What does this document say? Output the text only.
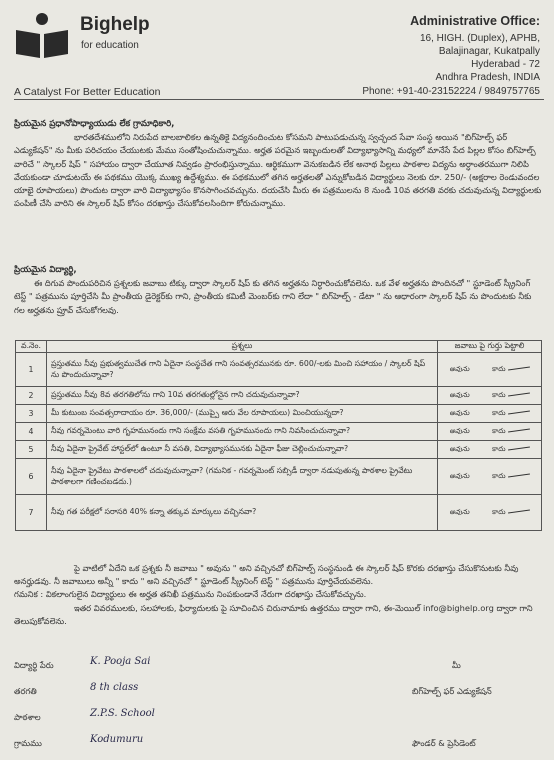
Bighelp
for education
A Catalyst For Better Education
Administrative Office:
16, HIGH. (Duplex), APHB,
Balajinagar, Kukatpally
Hyderabad - 72
Andhra Pradesh, INDIA
Phone: +91-40-23152224 / 9849757765

ప్రియమైన ప్రధానోపాధ్యాయుడు లేక గ్రామాధికారి,

భారతదేశములోని నిరుపేద బాలబాలికల ఉన్నతికై విద్యనందించుట కోసమని పాటుపడుచున్న స్వచ్ఛంద సేవా సంస్థ అయిన "బిగ్‌హెల్ప్ ఫర్ ఎడ్యుకేషన్" ను మీకు పరిచయం చేయుటకు మేము సంతోషించుచున్నాము. అర్హత పరమైన ఇబ్బందులతో విద్యాభ్యాసాన్ని మధ్యలో మానేసే పేద పిల్లల కోసం బిగ్‌హెల్ప్ వారిచే " స్కాలర్ షిప్ " సహాయం ద్వారా చేయూత నివ్వడం ప్రారంభిస్తున్నాము. ఆర్థికముగా వెనుకబడిన లేక అనాథ పిల్లలు పాఠశాల విద్యను అర్ధాంతరముగా నిలిపి వేయకుండా చూడుటయే ఈ పథకము యొక్క ముఖ్య ఉద్దేశ్యము. ఈ పథకములో తగిన అర్హతలతో ఎన్నుకోబడిన విద్యార్థులు నెలకు రూ. 250/- (అక్షరాల రెండువందల యాభై రూపాయలు) పొందుట ద్వారా వారి విద్యాభ్యాసం కొనసాగించవచ్చును. దయచేసి మీరు ఈ పత్రములను 8 నుండి 10వ తరగతి వరకు చదువుచున్న విద్యార్థులకు పంపిణీ చేసి వారిని ఈ స్కాలర్ షిప్ కోసం దరఖాస్తు చేసుకోవలసిందిగా కోరుచున్నాము.

ప్రియమైన విద్యార్థి,

ఈ దిగువ పొందుపరిచిన ప్రశ్నలకు జవాబు టిక్కు ద్వారా స్కాలర్ షిప్ కు తగిన అర్హతను నిర్ధారించుకోవలెను. ఒక వేళ అర్హతను పొందినచో " స్టూడెంట్ స్క్రీనింగ్ టెస్ట్ " పత్రమును పూర్తిచేసి మీ ప్రాంతీయ డైరెక్టర్‌కు గాని, ప్రాంతీయ కమిటీ మెంబర్‌కు గాని లేదా " బిగ్‌హెల్ప్ - డేటా " ను ఆధారంగా స్కాలర్ షిప్ ను పొందుటకు నీకు గల అర్హతను ప్రూవ్ చేసుకోగలవు.

వ.నెం.	ప్రశ్నలు	జవాబు పై గుర్తు పెట్టాలి
1	ప్రస్తుతము నీవు ప్రభుత్వముచేత గాని ఏదైనా సంస్థచేత గాని సంవత్సరమునకు రూ. 600/-లకు మించి సహాయం / స్కాలర్ షిప్ ను పొందుచున్నావా?	అవును కాదు

2	ప్రస్తుతము నీవు 8వ తరగతిలోను గాని 10వ తరగతుల్లోనైన గాని చదువుచున్నావా?	అవును కాదు

3	మీ కుటుంబ సంవత్సరాదాయం రూ. 36,000/- (ముప్పై ఆరు వేల రూపాయలు) మించియున్నదా?	అవును కాదు

4	నీవు గవర్నమెంటు వారి గృహమునందు గాని సంక్షేమ వసతి గృహమునందు గాని నివసించుచున్నావా?	అవును కాదు

5	నీవు ఏదైనా ప్రైవేట్ హాస్టల్‌లో ఉంటూ నీ వసతి, విద్యాభ్యాసమునకు ఏదైనా ఫీజు చెల్లించుచున్నావా?	అవును కాదు

6	నీవు ఏదైనా ప్రైవేటు పాఠశాలలో చదువుచున్నావా? (గమనిక - గవర్నమెంట్ సబ్సిడీ ద్వారా నడుపుతున్న పాఠశాల ప్రైవేటు పాఠశాలగా గణించబడదు.)	అవును కాదు

7	నీవు గత పరీక్షలో సరాసరి 40% కన్నా తక్కువ మార్కులు వచ్చినవా?	అవును కాదు

పై వాటిలో ఏదేని ఒక ప్రశ్నకు నీ జవాబు " అవును " అని వచ్చినచో బిగ్‌హెల్ప్ సంస్థనుండి ఈ స్కాలర్ షిప్ కొరకు దరఖాస్తు చేసుకొనుటకు నీవు అనర్హుడవు. నీ జవాబులు అన్నీ " కాదు " అని వచ్చినచో " స్టూడెంట్ స్క్రీనింగ్ టెస్ట్ " పత్రమును పూర్తిచేయవలెను.

గమనిక : వికలాంగులైన విద్యార్థులు ఈ అర్హత తనిఖీ పత్రమును నింపకుండానే నేరుగా దరఖాస్తు చేసుకోవచ్చును.

ఇతర వివరములకు, సలహాలకు, ఫిర్యాదులకు పై సూచించిన చిరునామాకు ఉత్తరము ద్వారా గాని, ఈ-మెయిల్ info@bighelp.org ద్వారా గాని తెలుపుకోవలెను.

విద్యార్థి పేరు	K. Pooja Sai
తరగతి	8 th class
పాఠశాల	Z.P.S. School
గ్రామము	Kodumuru
మీ
బిగ్‌హెల్ప్ ఫర్ ఎడ్యుకేషన్
ఫౌండర్ & ప్రెసిడెంట్
